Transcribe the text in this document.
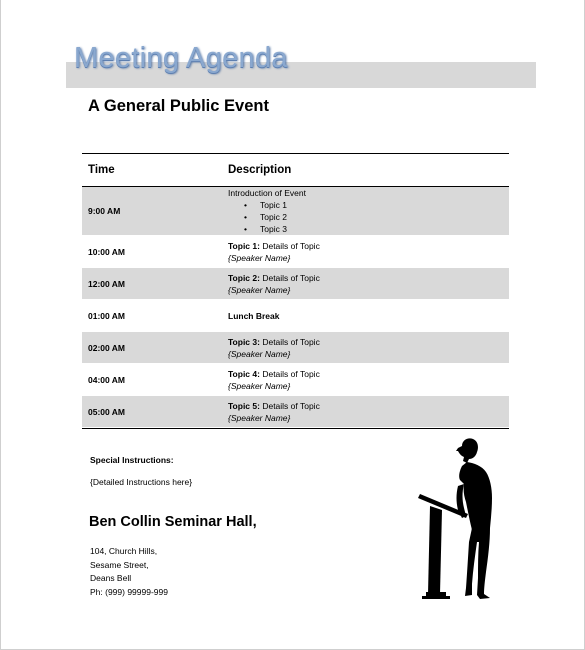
Meeting Agenda
A General Public Event
Time	Description
9:00 AM
Introduction of Event
• Topic 1
• Topic 2
• Topic 3
10:00 AM
Topic 1: Details of Topic
{Speaker Name}
12:00 AM
Topic 2: Details of Topic
{Speaker Name}
01:00 AM	Lunch Break
02:00 AM
Topic 3: Details of Topic
{Speaker Name}
04:00 AM
Topic 4: Details of Topic
{Speaker Name}
05:00 AM
Topic 5: Details of Topic
{Speaker Name}
Special Instructions:
{Detailed Instructions here}
Ben Collin Seminar Hall,
104, Church Hills,
Sesame Street,
Deans Bell
Ph: (999) 99999-999
